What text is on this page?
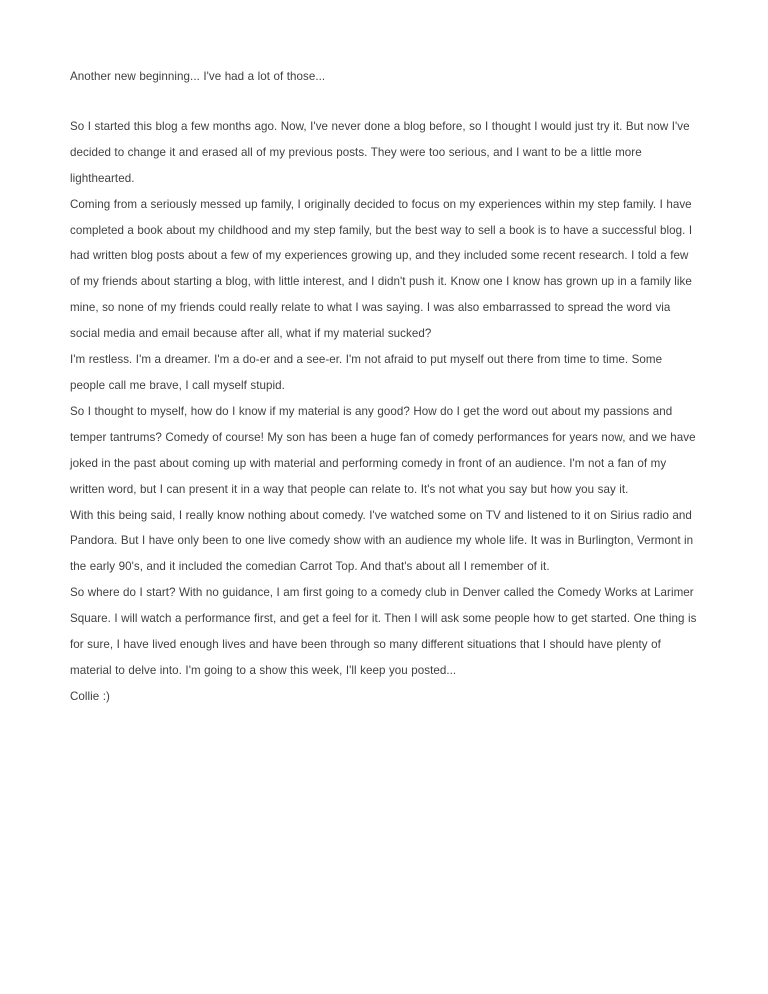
Another new beginning... I've had a lot of those...

So I started this blog a few months ago. Now, I've never done a blog before, so I thought I would just try it. But now I've decided to change it and erased all of my previous posts. They were too serious, and I want to be a little more lighthearted.

Coming from a seriously messed up family, I originally decided to focus on my experiences within my step family. I have completed a book about my childhood and my step family, but the best way to sell a book is to have a successful blog. I had written blog posts about a few of my experiences growing up, and they included some recent research. I told a few of my friends about starting a blog, with little interest, and I didn't push it. Know one I know has grown up in a family like mine, so none of my friends could really relate to what I was saying. I was also embarrassed to spread the word via social media and email because after all, what if my material sucked?

I'm restless. I'm a dreamer. I'm a do-er and a see-er. I'm not afraid to put myself out there from time to time. Some people call me brave, I call myself stupid.

So I thought to myself, how do I know if my material is any good? How do I get the word out about my passions and temper tantrums? Comedy of course! My son has been a huge fan of comedy performances for years now, and we have joked in the past about coming up with material and performing comedy in front of an audience. I'm not a fan of my written word, but I can present it in a way that people can relate to. It's not what you say but how you say it.

With this being said, I really know nothing about comedy. I've watched some on TV and listened to it on Sirius radio and Pandora. But I have only been to one live comedy show with an audience my whole life. It was in Burlington, Vermont in the early 90's, and it included the comedian Carrot Top. And that's about all I remember of it.

So where do I start? With no guidance, I am first going to a comedy club in Denver called the Comedy Works at Larimer Square. I will watch a performance first, and get a feel for it. Then I will ask some people how to get started. One thing is for sure, I have lived enough lives and have been through so many different situations that I should have plenty of material to delve into. I'm going to a show this week, I'll keep you posted...

Collie :)
